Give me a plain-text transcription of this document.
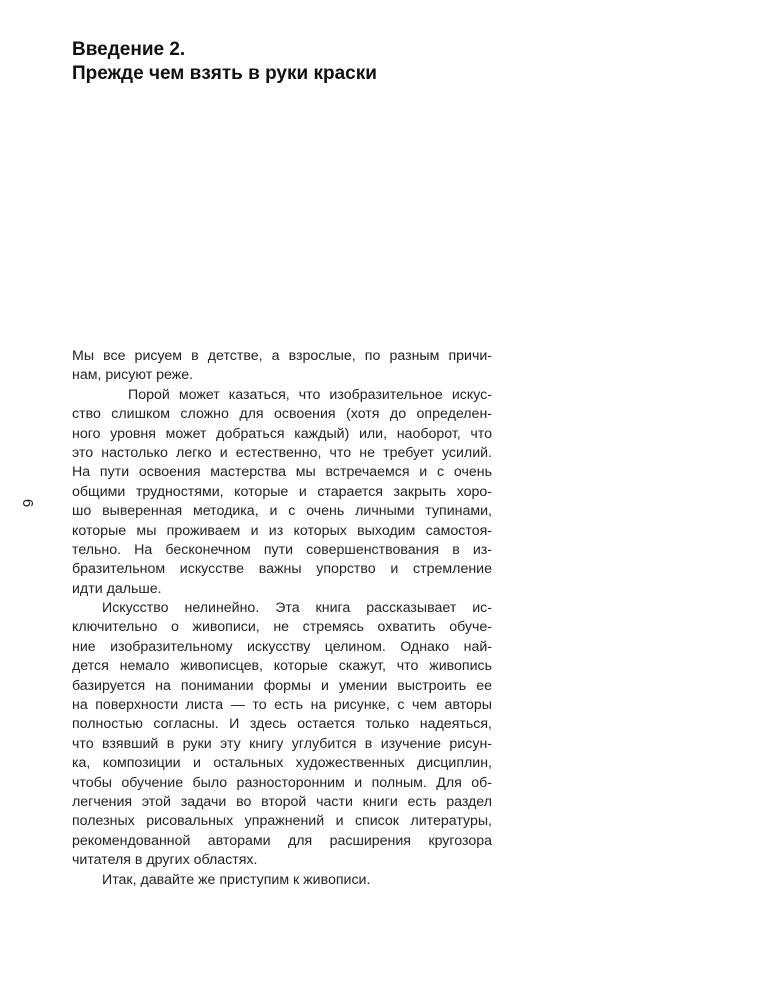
Введение 2.
Прежде чем взять в руки краски
6
Мы все рисуем в детстве, а взрослые, по разным причи-
нам, рисуют реже.
Порой может казаться, что изобразительное искус-
ство слишком сложно для освоения (хотя до определен-
ного уровня может добраться каждый) или, наоборот, что
это настолько легко и естественно, что не требует усилий.
На пути освоения мастерства мы встречаемся и с очень
общими трудностями, которые и старается закрыть хоро-
шо выверенная методика, и с очень личными тупинами,
которые мы проживаем и из которых выходим самостоя-
тельно. На бесконечном пути совершенствования в из-
бразительном искусстве важны упорство и стремление
идти дальше.
Искусство нелинейно. Эта книга рассказывает ис-
ключительно о живописи, не стремясь охватить обуче-
ние изобразительному искусству целином. Однако най-
дется немало живописцев, которые скажут, что живопись
базируется на понимании формы и умении выстроить ее
на поверхности листа — то есть на рисунке, с чем авторы
полностью согласны. И здесь остается только надеяться,
что взявший в руки эту книгу углубится в изучение рисун-
ка, композиции и остальных художественных дисциплин,
чтобы обучение было разносторонним и полным. Для об-
легчения этой задачи во второй части книги есть раздел
полезных рисовальных упражнений и список литературы,
рекомендованной авторами для расширения кругозора
читателя в других областях.
Итак, давайте же приступим к живописи.
